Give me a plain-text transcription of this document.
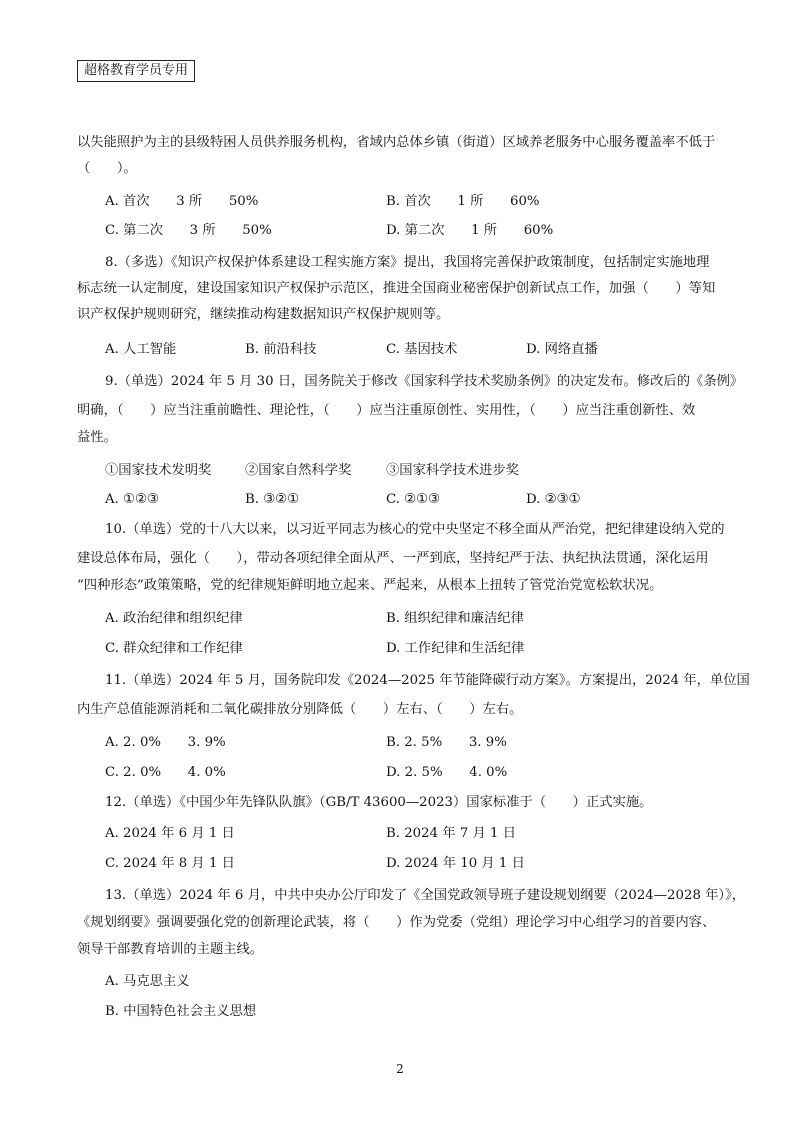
超格教育学员专用
以失能照护为主的县级特困人员供养服务机构，省域内总体乡镇（街道）区域养老服务中心服务覆盖率不低于
（　　）。
A. 首次　　3 所　　50%	B. 首次　　1 所　　60%
C. 第二次　　3 所　　50%	D. 第二次　　1 所　　60%
8.（多选）《知识产权保护体系建设工程实施方案》提出，我国将完善保护政策制度，包括制定实施地理
标志统一认定制度，建设国家知识产权保护示范区，推进全国商业秘密保护创新试点工作，加强（　　）等知
识产权保护规则研究，继续推动构建数据知识产权保护规则等。
A. 人工智能	B. 前沿科技	C. 基因技术	D. 网络直播
9.（单选）2024 年 5 月 30 日，国务院关于修改《国家科学技术奖励条例》的决定发布。修改后的《条例》
明确，（　　）应当注重前瞻性、理论性，（　　）应当注重原创性、实用性，（　　）应当注重创新性、效
益性。
①国家技术发明奖	②国家自然科学奖	③国家科学技术进步奖
A. ①②③	B. ③②①	C. ②①③	D. ②③①
10.（单选）党的十八大以来，以习近平同志为核心的党中央坚定不移全面从严治党，把纪律建设纳入党的
建设总体布局，强化（　　），带动各项纪律全面从严、一严到底，坚持纪严于法、执纪执法贯通，深化运用
“四种形态”政策策略，党的纪律规矩鲜明地立起来、严起来，从根本上扭转了管党治党宽松软状况。
A. 政治纪律和组织纪律	B. 组织纪律和廉洁纪律
C. 群众纪律和工作纪律	D. 工作纪律和生活纪律
11.（单选）2024 年 5 月，国务院印发《2024—2025 年节能降碳行动方案》。方案提出，2024 年，单位国
内生产总值能源消耗和二氧化碳排放分别降低（　　）左右、（　　）左右。
A. 2. 0%　　3. 9%	B. 2. 5%　　3. 9%
C. 2. 0%　　4. 0%	D. 2. 5%　　4. 0%
12.（单选）《中国少年先锋队队旗》（GB/T 43600—2023）国家标准于（　　）正式实施。
A. 2024 年 6 月 1 日	B. 2024 年 7 月 1 日
C. 2024 年 8 月 1 日	D. 2024 年 10 月 1 日
13.（单选）2024 年 6 月，中共中央办公厅印发了《全国党政领导班子建设规划纲要（2024—2028 年）》，
《规划纲要》强调要强化党的创新理论武装，将（　　）作为党委（党组）理论学习中心组学习的首要内容、
领导干部教育培训的主题主线。
A. 马克思主义
B. 中国特色社会主义思想
2
